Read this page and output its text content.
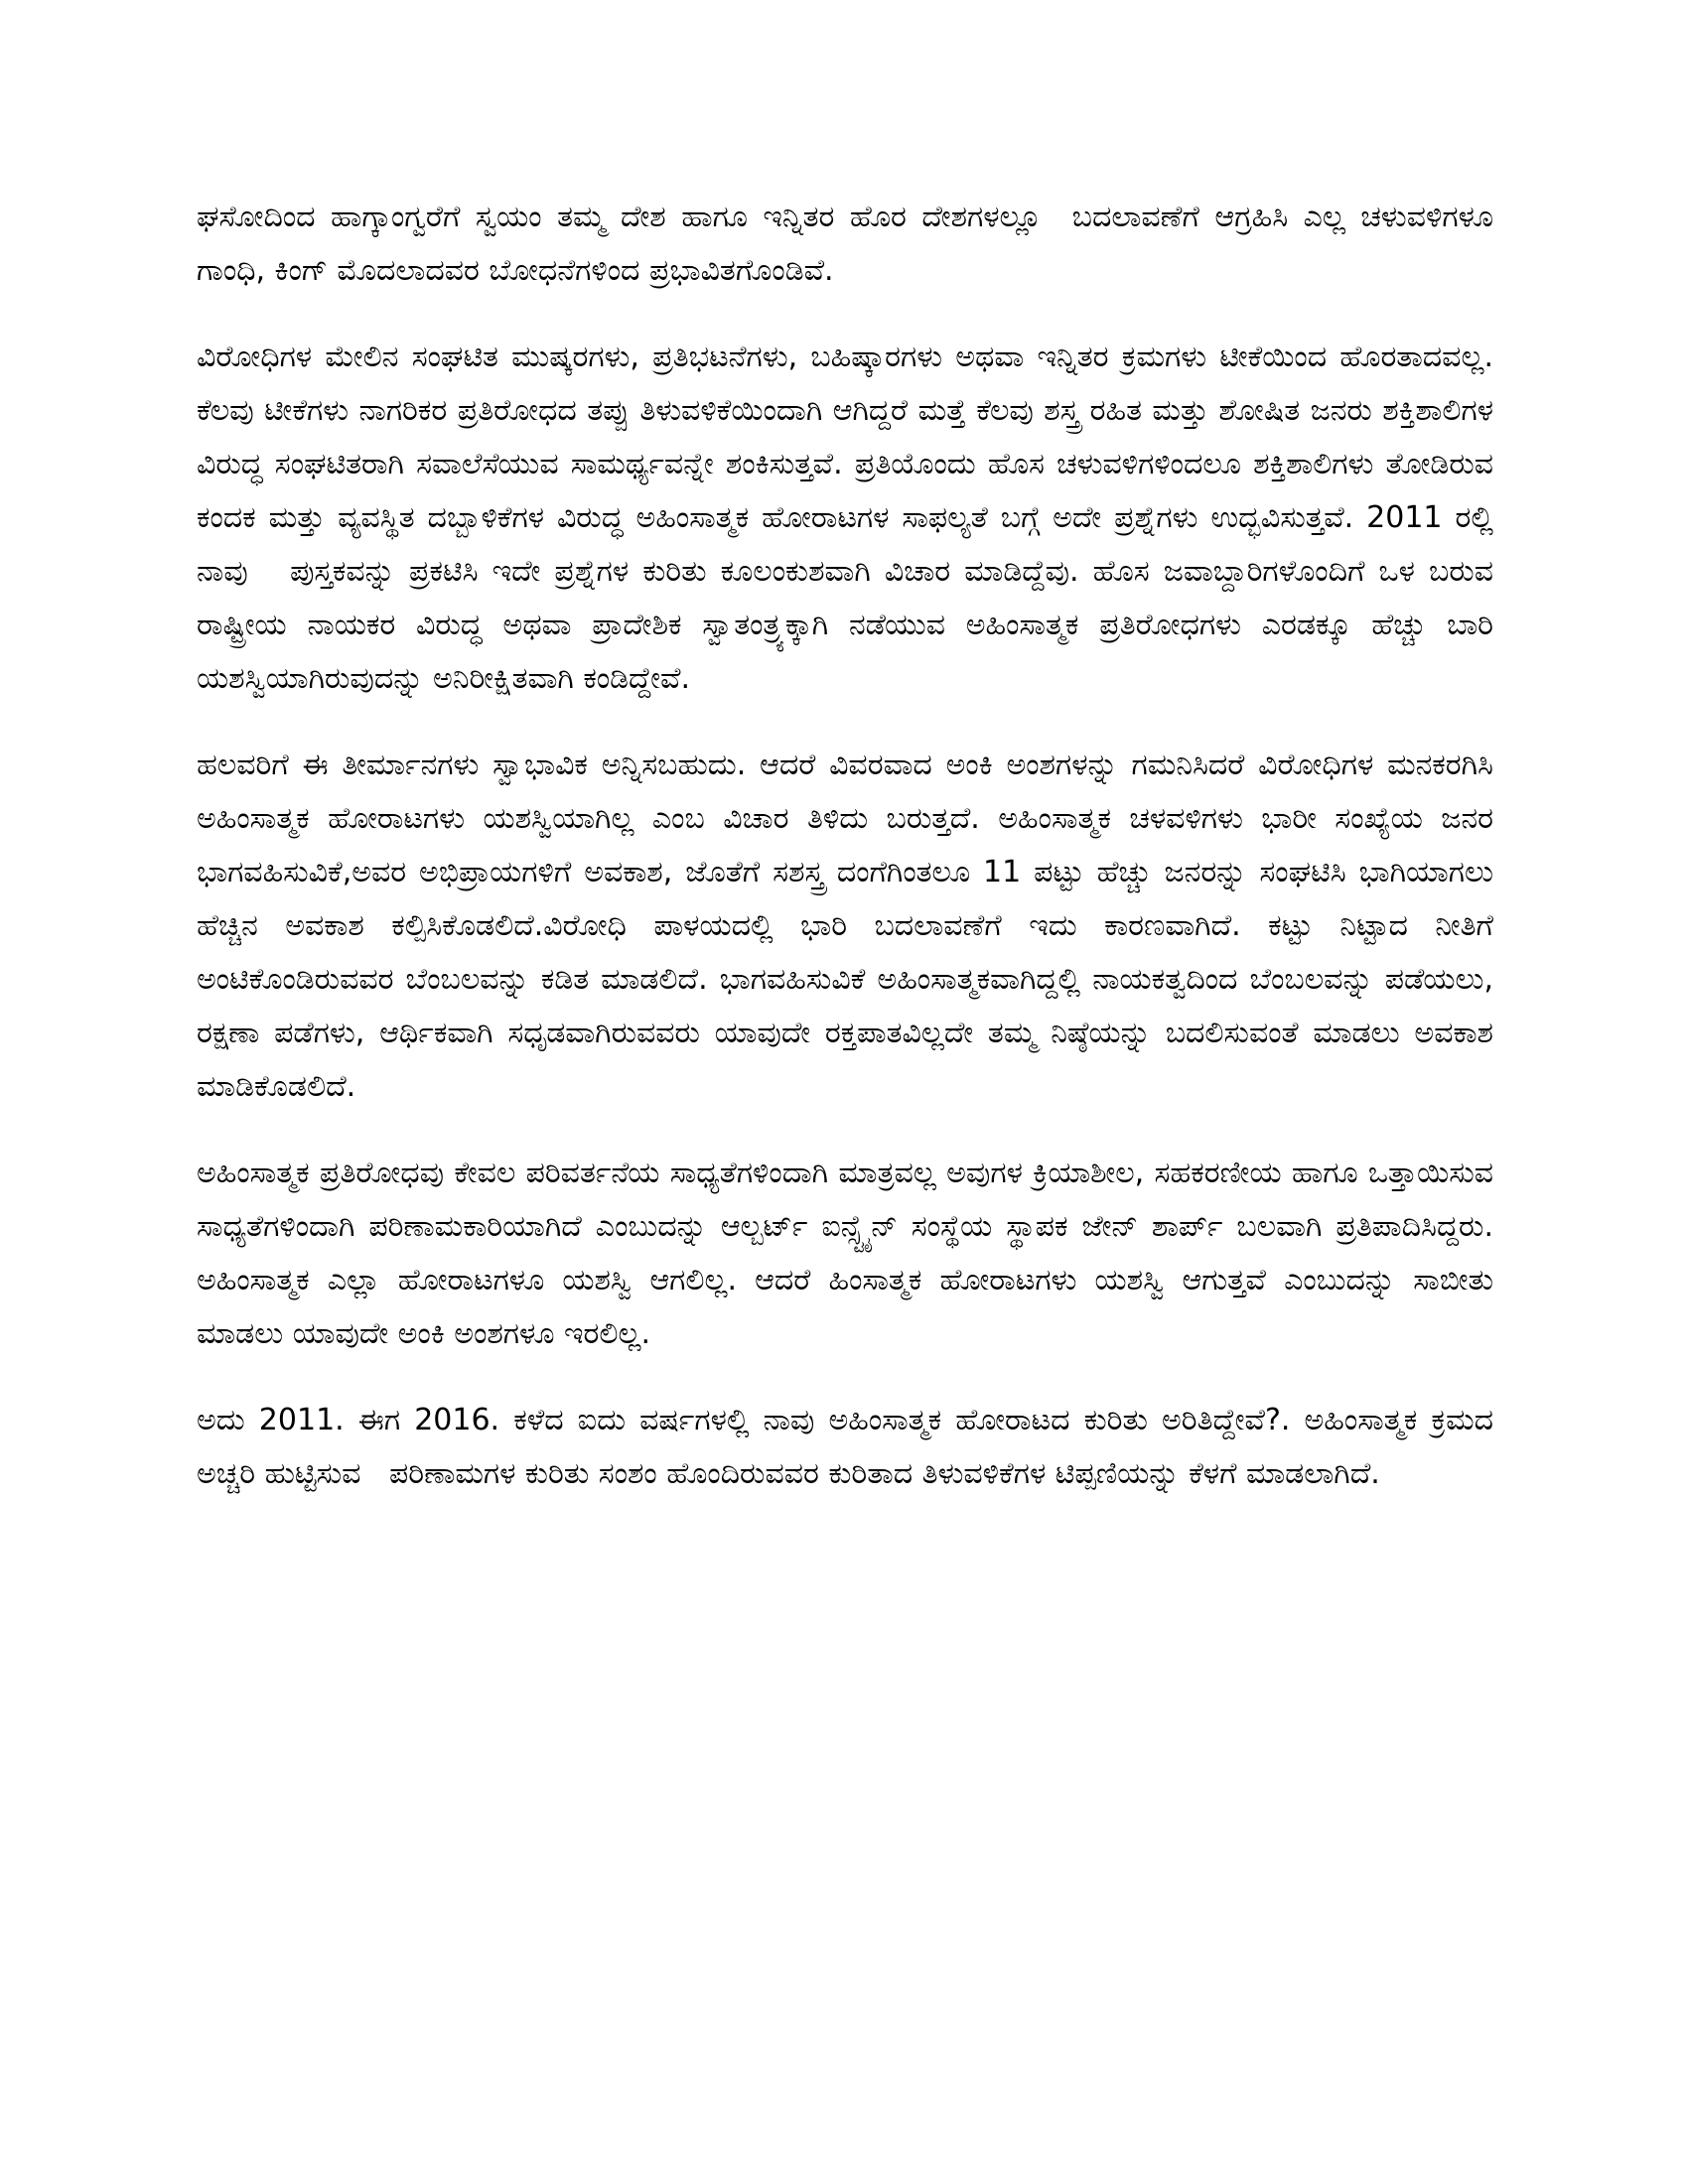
ಘಸೋದಿಂದ ಹಾಗ್ಕಾಂಗ್ವರೆಗೆ ಸ್ವಯಂ ತಮ್ಮ ದೇಶ ಹಾಗೂ ಇನ್ನಿತರ ಹೊರ ದೇಶಗಳಲ್ಲೂ  ಬದಲಾವಣೆಗೆ ಆಗ್ರಹಿಸಿ ಎಲ್ಲ ಚಳುವಳಿಗಳೂ ಗಾಂಧಿ, ಕಿಂಗ್ ಮೊದಲಾದವರ ಬೋಧನೆಗಳಿಂದ ಪ್ರಭಾವಿತಗೊಂಡಿವೆ.

ವಿರೋಧಿಗಳ ಮೇಲಿನ ಸಂಘಟಿತ ಮುಷ್ಕರಗಳು, ಪ್ರತಿಭಟನೆಗಳು, ಬಹಿಷ್ಕಾರಗಳು ಅಥವಾ ಇನ್ನಿತರ ಕ್ರಮಗಳು ಟೀಕೆಯಿಂದ ಹೊರತಾದವಲ್ಲ.  ಕೆಲವು ಟೀಕೆಗಳು ನಾಗರಿಕರ ಪ್ರತಿರೋಧದ ತಪ್ಪು ತಿಳುವಳಿಕೆಯಿಂದಾಗಿ ಆಗಿದ್ದರೆ ಮತ್ತೆ ಕೆಲವು ಶಸ್ತ್ರ ರಹಿತ ಮತ್ತು ಶೋಷಿತ ಜನರು ಶಕ್ತಿಶಾಲಿಗಳ ವಿರುದ್ಧ ಸಂಘಟಿತರಾಗಿ ಸವಾಲೆಸೆಯುವ ಸಾಮರ್ಥ್ಯವನ್ನೇ ಶಂಕಿಸುತ್ತವೆ. ಪ್ರತಿಯೊಂದು ಹೊಸ ಚಳುವಳಿಗಳಿಂದಲೂ ಶಕ್ತಿಶಾಲಿಗಳು ತೋಡಿರುವ ಕಂದಕ ಮತ್ತು ವ್ಯವಸ್ಥಿತ ದಬ್ಬಾಳಿಕೆಗಳ ವಿರುದ್ಧ ಅಹಿಂಸಾತ್ಮಕ ಹೋರಾಟಗಳ ಸಾಫಲ್ಯತೆ ಬಗ್ಗೆ ಅದೇ ಪ್ರಶ್ನೆಗಳು ಉದ್ಭವಿಸುತ್ತವೆ. 2011 ರಲ್ಲಿ ನಾವು   ಪುಸ್ತಕವನ್ನು ಪ್ರಕಟಿಸಿ ಇದೇ ಪ್ರಶ್ನೆಗಳ ಕುರಿತು ಕೂಲಂಕುಶವಾಗಿ ವಿಚಾರ ಮಾಡಿದ್ದೆವು. ಹೊಸ ಜವಾಬ್ದಾರಿಗಳೊಂದಿಗೆ ಒಳ ಬರುವ ರಾಷ್ಟ್ರೀಯ ನಾಯಕರ ವಿರುದ್ಧ ಅಥವಾ ಪ್ರಾದೇಶಿಕ ಸ್ವಾತಂತ್ರ್ಯಕ್ಕಾಗಿ ನಡೆಯುವ ಅಹಿಂಸಾತ್ಮಕ ಪ್ರತಿರೋಧಗಳು ಎರಡಕ್ಕೂ ಹೆಚ್ಚು ಬಾರಿ ಯಶಸ್ವಿಯಾಗಿರುವುದನ್ನು ಅನಿರೀಕ್ಷಿತವಾಗಿ ಕಂಡಿದ್ದೇವೆ.

ಹಲವರಿಗೆ ಈ ತೀರ್ಮಾನಗಳು ಸ್ವಾಭಾವಿಕ ಅನ್ನಿಸಬಹುದು. ಆದರೆ ವಿವರವಾದ ಅಂಕಿ ಅಂಶಗಳನ್ನು ಗಮನಿಸಿದರೆ ವಿರೋಧಿಗಳ ಮನಕರಗಿಸಿ ಅಹಿಂಸಾತ್ಮಕ ಹೋರಾಟಗಳು ಯಶಸ್ವಿಯಾಗಿಲ್ಲ ಎಂಬ ವಿಚಾರ ತಿಳಿದು ಬರುತ್ತದೆ. ಅಹಿಂಸಾತ್ಮಕ ಚಳವಳಿಗಳು ಭಾರೀ ಸಂಖ್ಯೆಯ ಜನರ ಭಾಗವಹಿಸುವಿಕೆ,ಅವರ ಅಭಿಪ್ರಾಯಗಳಿಗೆ ಅವಕಾಶ, ಜೊತೆಗೆ ಸಶಸ್ತ್ರ ದಂಗೆಗಿಂತಲೂ 11 ಪಟ್ಟು ಹೆಚ್ಚು ಜನರನ್ನು ಸಂಘಟಿಸಿ ಭಾಗಿಯಾಗಲು ಹೆಚ್ಚಿನ ಅವಕಾಶ ಕಲ್ಪಿಸಿಕೊಡಲಿದೆ.ವಿರೋಧಿ ಪಾಳಯದಲ್ಲಿ ಭಾರಿ ಬದಲಾವಣೆಗೆ ಇದು ಕಾರಣವಾಗಿದೆ. ಕಟ್ಟು ನಿಟ್ಟಾದ ನೀತಿಗೆ ಅಂಟಿಕೊಂಡಿರುವವರ ಬೆಂಬಲವನ್ನು ಕಡಿತ ಮಾಡಲಿದೆ. ಭಾಗವಹಿಸುವಿಕೆ ಅಹಿಂಸಾತ್ಮಕವಾಗಿದ್ದಲ್ಲಿ ನಾಯಕತ್ವದಿಂದ ಬೆಂಬಲವನ್ನು ಪಡೆಯಲು, ರಕ್ಷಣಾ ಪಡೆಗಳು, ಆರ್ಥಿಕವಾಗಿ ಸಧೃಡವಾಗಿರುವವರು ಯಾವುದೇ ರಕ್ತಪಾತವಿಲ್ಲದೇ ತಮ್ಮ ನಿಷ್ಠೆಯನ್ನು ಬದಲಿಸುವಂತೆ ಮಾಡಲು ಅವಕಾಶ ಮಾಡಿಕೊಡಲಿದೆ.

ಅಹಿಂಸಾತ್ಮಕ ಪ್ರತಿರೋಧವು ಕೇವಲ ಪರಿವರ್ತನೆಯ ಸಾಧ್ಯತೆಗಳಿಂದಾಗಿ ಮಾತ್ರವಲ್ಲ ಅವುಗಳ ಕ್ರಿಯಾಶೀಲ, ಸಹಕರಣೀಯ ಹಾಗೂ ಒತ್ತಾಯಿಸುವ ಸಾಧ್ಯತೆಗಳಿಂದಾಗಿ ಪರಿಣಾಮಕಾರಿಯಾಗಿದೆ ಎಂಬುದನ್ನು ಆಲ್ಬರ್ಟ್ ಐನ್ಸ್ಟೈನ್ ಸಂಸ್ಥೆಯ ಸ್ಥಾಪಕ ಜೇನ್ ಶಾರ್ಪ್ ಬಲವಾಗಿ ಪ್ರತಿಪಾದಿಸಿದ್ದರು. ಅಹಿಂಸಾತ್ಮಕ ಎಲ್ಲಾ ಹೋರಾಟಗಳೂ ಯಶಸ್ವಿ ಆಗಲಿಲ್ಲ. ಆದರೆ ಹಿಂಸಾತ್ಮಕ ಹೋರಾಟಗಳು ಯಶಸ್ವಿ ಆಗುತ್ತವೆ ಎಂಬುದನ್ನು ಸಾಬೀತು ಮಾಡಲು ಯಾವುದೇ ಅಂಕಿ ಅಂಶಗಳೂ ಇರಲಿಲ್ಲ.

ಅದು 2011. ಈಗ 2016. ಕಳೆದ ಐದು ವರ್ಷಗಳಲ್ಲಿ ನಾವು ಅಹಿಂಸಾತ್ಮಕ ಹೋರಾಟದ ಕುರಿತು ಅರಿತಿದ್ದೇವೆ?. ಅಹಿಂಸಾತ್ಮಕ ಕ್ರಮದ ಅಚ್ಚರಿ ಹುಟ್ಟಿಸುವ   ಪರಿಣಾಮಗಳ ಕುರಿತು ಸಂಶಂ ಹೊಂದಿರುವವರ ಕುರಿತಾದ ತಿಳುವಳಿಕೆಗಳ ಟಿಪ್ಪಣಿಯನ್ನು ಕೆಳಗೆ ಮಾಡಲಾಗಿದೆ.
